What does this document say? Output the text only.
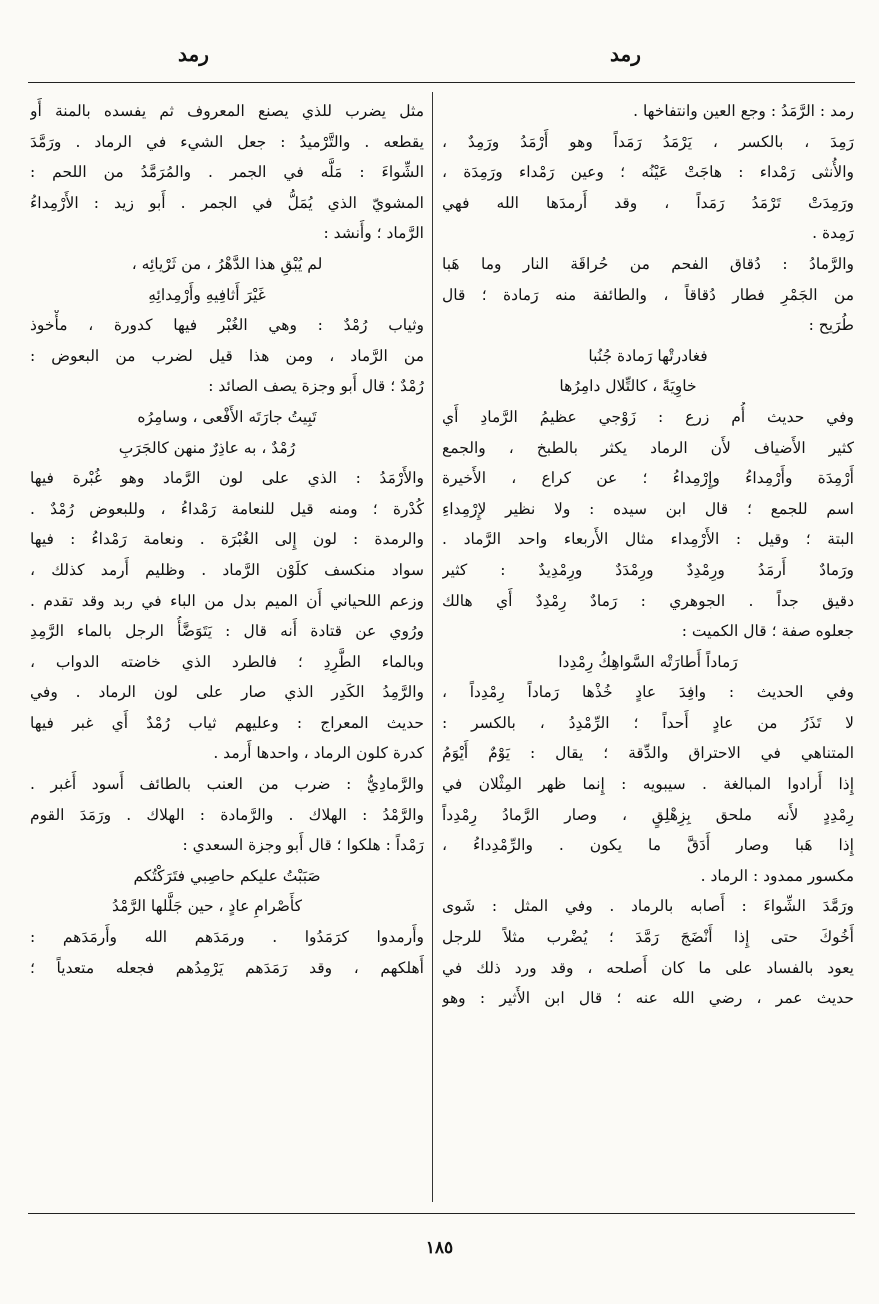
رمد
رمد
رمد : الرَّمَدُ : وجع العين وانتفاخها .
رَمِدَ ، بالكسر ، يَرْمَدُ رَمَداً وهو أَرْمَدُ ورَمِدٌ ،
والأُنثى رَمْداء : هاجَتْ عَيْنُه ؛ وعين رَمْداء ورَمِدَة ،
ورَمِدَتْ تَرْمَدُ رَمَداً ، وقد أَرمدَها الله فهي
رَمِدة .
والرَّمادُ : دُقاق الفحم من حُراقَة النار وما هَبا
من الجَمْرِ فطار دُقاقاً ، والطائفة منه رَمادة ؛ قال
طُرَيح :
فغادرتْها رَمادة جُنُبا
خاوِيَةً ، كالتِّلال دامِرُها
وفي حديث أُم زرع : زَوْجي عظيمُ الرَّمادِ أَي
كثير الأَضياف لأَن الرماد يكثر بالطبخ ، والجمع
أَرْمِدَة وأَرْمِداءُ وإِرْمِداءُ ؛ عن كراع ، الأَخيرة
اسم للجمع ؛ قال ابن سيده : ولا نظير لإِرْمِداءِ
البتة ؛ وقيل : الأَرْمِداء مثال الأَربعاء واحد الرَّماد .
ورَمادٌ أَرمَدُ ورِمْدِدٌ ورِمْدَدٌ ورِمْدِيدٌ : كثير
دقيق جداً . الجوهري : رَمادٌ رِمْدِدٌ أَي هالك
جعلوه صفة ؛ قال الكميت :
رَماداً أَطارَتْه السَّواهِكُ رِمْدِدا
وفي الحديث : وافِدَ عادٍ خُذْها رَماداً رِمْدِداً ،
لا تَذَرُ من عادٍ أَحداً ؛ الرِّمْدِدُ ، بالكسر :
المتناهي في الاحتراق والدِّقة ؛ يقال : يَوْمٌ أَيْوَمُ
إِذا أَرادوا المبالغة . سيبويه : إِنما ظهر المِثْلان في
رِمْدِدٍ لأَنه ملحق بِزِهْلِقٍ ، وصار الرَّمادُ رِمْدِداً
إِذا هَبا وصار أَدَقَّ ما يكون . والرِّمْدِداءُ ،
مكسور ممدود : الرماد .
ورَمَّدَ الشِّواءَ : أَصابه بالرماد . وفي المثل : شَوى
أَخُوكَ حتى إِذا أَنْضَجَ رَمَّدَ ؛ يُضْرب مثلاً للرجل
يعود بالفساد على ما كان أَصلحه ، وقد ورد ذلك في
حديث عمر ، رضي الله عنه ؛ قال ابن الأَثير : وهو
مثل يضرب للذي يصنع المعروف ثم يفسده بالمنة أَو
يقطعه . والتَّرْميدُ : جعل الشيء في الرماد . ورَمَّدَ
الشِّواءَ : مَلَّه في الجمر . والمُرَمَّدُ من اللحم :
المشويّ الذي يُمَلُّ في الجمر . أَبو زيد : الأَرْمِداءُ
الرَّماد ؛ وأَنشد :
لم يُبْقِ هذا الدَّهْرُ ، من ثَرْيائِه ،
غَيْرَ أَثافِيهِ وأَرْمِدائِهِ
وثياب رُمْدٌ : وهي الغُبْر فيها كدورة ، مأْخوذ
من الرَّماد ، ومن هذا قيل لضرب من البعوض :
رُمْدٌ ؛ قال أَبو وجزة يصف الصائد :
تَبِيتُ جارَتَه الأَفْعى ، وسامِرُه
رُمْدٌ ، به عاذِرٌ منهن كالجَرَبِ
والأَرْمَدُ : الذي على لون الرَّماد وهو غُبْرة فيها
كُدْرة ؛ ومنه قيل للنعامة رَمْداءُ ، وللبعوض رُمْدٌ .
والرمدة : لون إِلى الغُبْرَة . ونعامة رَمْداءُ : فيها
سواد منكسف كلَوْن الرَّماد . وظليم أَرمد كذلك ،
وزعم اللحياني أَن الميم بدل من الباء في ربد وقد تقدم .
ورُوي عن قتادة أَنه قال : يَتَوَضَّأُ الرجل بالماء الرَّمِدِ
وبالماء الطَّرِدِ ؛ فالطرد الذي خاضته الدواب ،
والرَّمِدُ الكَدِر الذي صار على لون الرماد . وفي
حديث المعراج : وعليهم ثياب رُمْدٌ أَي غبر فيها
كدرة كلون الرماد ، واحدها أَرمد .
والرَّمادِيُّ : ضرب من العنب بالطائف أَسود أَغبر .
والرَّمْدُ : الهلاك . والرَّمادة : الهلاك . ورَمَدَ القوم
رَمْداً : هلكوا ؛ قال أَبو وجزة السعدي :
صَبَبْتُ عليكم حاصِبي فتَرَكْتُكم
كأَصْرامِ عادٍ ، حين جَلَّلها الرَّمْدُ
وأَرمدوا كرَمَدُوا . ورمَدَهم الله وأَرمَدَهم :
أَهلكهم ، وقد رَمَدَهم يَرْمِدُهم فجعله متعدياً ؛
١٨٥
